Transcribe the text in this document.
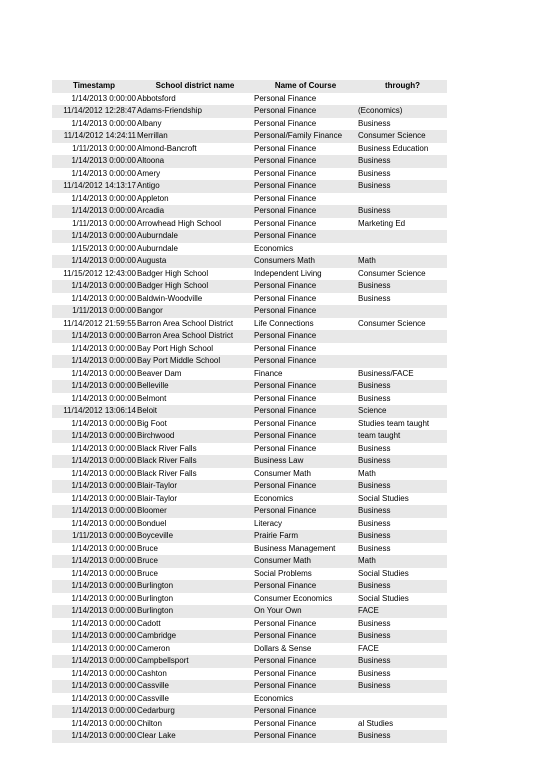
Timestamp	School district name	Name of Course	through?
1/14/2013 0:00:00	Abbotsford	Personal Finance	
11/14/2012 12:28:47	Adams-Friendship	Personal Finance	(Economics)
1/14/2013 0:00:00	Albany	Personal Finance	Business
11/14/2012 14:24:11	Merrillan	Personal/Family Finance	Consumer Science
1/11/2013 0:00:00	Almond-Bancroft	Personal Finance	Business Education
1/14/2013 0:00:00	Altoona	Personal Finance	Business
1/14/2013 0:00:00	Amery	Personal Finance	Business
11/14/2012 14:13:17	Antigo	Personal Finance	Business
1/14/2013 0:00:00	Appleton	Personal Finance	
1/14/2013 0:00:00	Arcadia	Personal Finance	Business
1/11/2013 0:00:00	Arrowhead High School	Personal Finance	Marketing Ed
1/14/2013 0:00:00	Auburndale	Personal Finance	
1/15/2013 0:00:00	Auburndale	Economics	
1/14/2013 0:00:00	Augusta	Consumers Math	Math
11/15/2012 12:43:00	Badger High School	Independent Living	Consumer Science
1/14/2013 0:00:00	Badger High School	Personal Finance	Business
1/14/2013 0:00:00	Baldwin-Woodville	Personal Finance	Business
1/11/2013 0:00:00	Bangor	Personal Finance	
11/14/2012 21:59:55	Barron Area School District	Life Connections	Consumer Science
1/14/2013 0:00:00	Barron Area School District	Personal Finance	
1/14/2013 0:00:00	Bay Port High School	Personal Finance	
1/14/2013 0:00:00	Bay Port Middle School	Personal Finance	
1/14/2013 0:00:00	Beaver Dam	Finance	Business/FACE
1/14/2013 0:00:00	Belleville	Personal Finance	Business
1/14/2013 0:00:00	Belmont	Personal Finance	Business
11/14/2012 13:06:14	Beloit	Personal Finance	Science
1/14/2013 0:00:00	Big Foot	Personal Finance	Studies team taught
1/14/2013 0:00:00	Birchwood	Personal Finance	team taught
1/14/2013 0:00:00	Black River Falls	Personal Finance	Business
1/14/2013 0:00:00	Black River Falls	Business Law	Business
1/14/2013 0:00:00	Black River Falls	Consumer Math	Math
1/14/2013 0:00:00	Blair-Taylor	Personal Finance	Business
1/14/2013 0:00:00	Blair-Taylor	Economics	Social Studies
1/14/2013 0:00:00	Bloomer	Personal Finance	Business
1/14/2013 0:00:00	Bonduel	Literacy	Business
1/11/2013 0:00:00	Boyceville	Prairie Farm	Business
1/14/2013 0:00:00	Bruce	Business Management	Business
1/14/2013 0:00:00	Bruce	Consumer Math	Math
1/14/2013 0:00:00	Bruce	Social Problems	Social Studies
1/14/2013 0:00:00	Burlington	Personal Finance	Business
1/14/2013 0:00:00	Burlington	Consumer Economics	Social Studies
1/14/2013 0:00:00	Burlington	On Your Own	FACE
1/14/2013 0:00:00	Cadott	Personal Finance	Business
1/14/2013 0:00:00	Cambridge	Personal Finance	Business
1/14/2013 0:00:00	Cameron	Dollars & Sense	FACE
1/14/2013 0:00:00	Campbellsport	Personal Finance	Business
1/14/2013 0:00:00	Cashton	Personal Finance	Business
1/14/2013 0:00:00	Cassville	Personal Finance	Business
1/14/2013 0:00:00	Cassville	Economics	
1/14/2013 0:00:00	Cedarburg	Personal Finance	
1/14/2013 0:00:00	Chilton	Personal Finance	al Studies
1/14/2013 0:00:00	Clear Lake	Personal Finance	Business
